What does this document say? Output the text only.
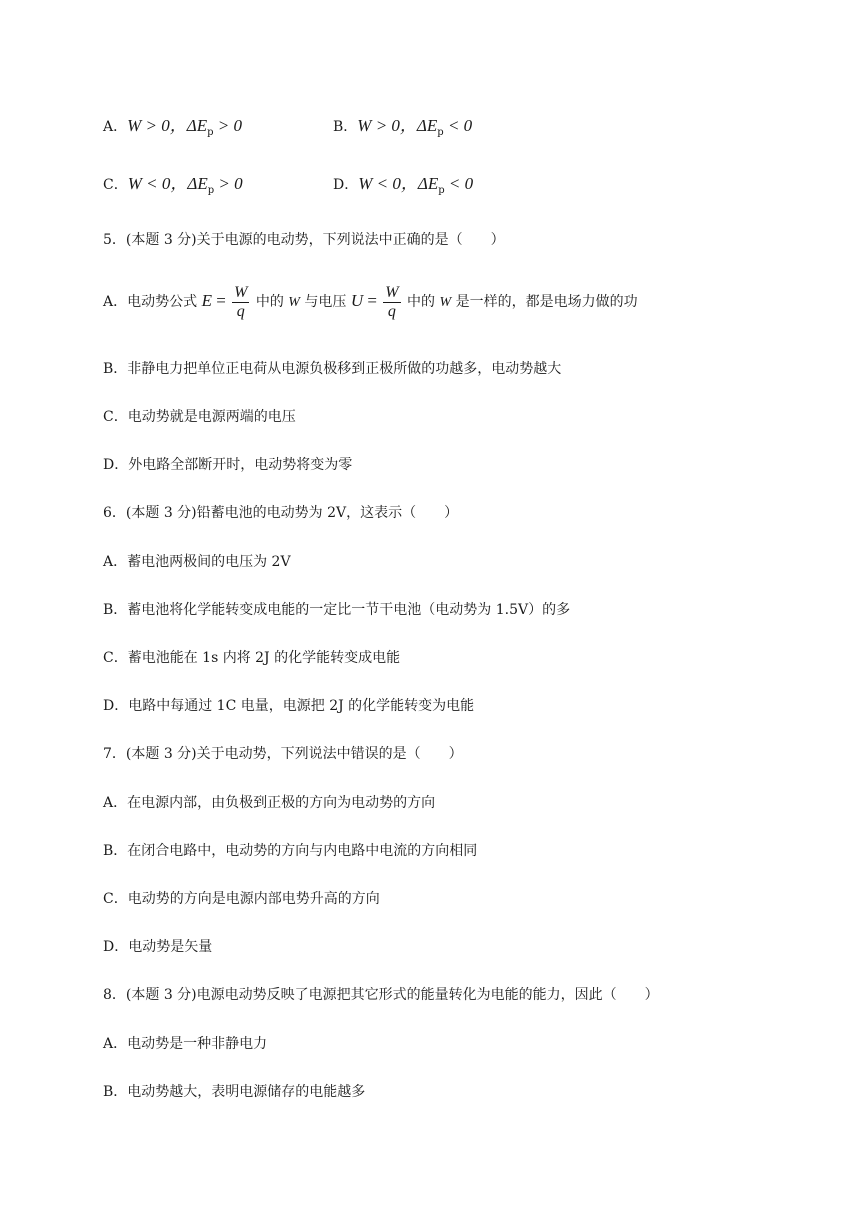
A．W > 0，$\Delta E_p > 0$	B．W > 0，$\Delta E_p < 0$
C．W < 0，$\Delta E_p > 0$	D．W < 0，$\Delta E_p < 0$
5．(本题 3 分)关于电源的电动势，下列说法中正确的是（　　）
A．电动势公式 $E = \frac{W}{q}$ 中的 W 与电压 $U = \frac{W}{q}$ 中的 W 是一样的，都是电场力做的功
B．非静电力把单位正电荷从电源负极移到正极所做的功越多，电动势越大
C．电动势就是电源两端的电压
D．外电路全部断开时，电动势将变为零
6．(本题 3 分)铅蓄电池的电动势为 2V，这表示（　　）
A．蓄电池两极间的电压为 2V
B．蓄电池将化学能转变成电能的一定比一节干电池（电动势为 1.5V）的多
C．蓄电池能在 1s 内将 2J 的化学能转变成电能
D．电路中每通过 1C 电量，电源把 2J 的化学能转变为电能
7．(本题 3 分)关于电动势，下列说法中错误的是（　　）
A．在电源内部，由负极到正极的方向为电动势的方向
B．在闭合电路中，电动势的方向与内电路中电流的方向相同
C．电动势的方向是电源内部电势升高的方向
D．电动势是矢量
8．(本题 3 分)电源电动势反映了电源把其它形式的能量转化为电能的能力，因此（　　）
A．电动势是一种非静电力
B．电动势越大，表明电源储存的电能越多
